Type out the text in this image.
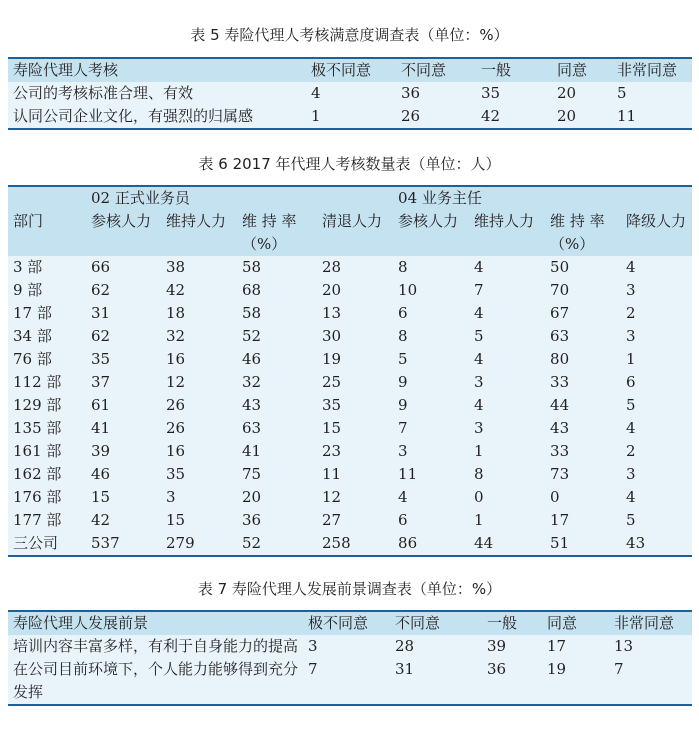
表 5 寿险代理人考核满意度调查表（单位：%）
寿险代理人考核	极不同意	不同意	一般	同意	非常同意
公司的考核标准合理、有效	4	36	35	20	5
认同公司企业文化，有强烈的归属感	1	26	42	20	11
表 6 2017 年代理人考核数量表（单位：人）
	02 正式业务员				04 业务主任			
部门	参核人力	维持人力	维 持 率	清退人力	参核人力	维持人力	维 持 率	降级人力
			（%）				（%）	
3 部	66	38	58	28	8	4	50	4
9 部	62	42	68	20	10	7	70	3
17 部	31	18	58	13	6	4	67	2
34 部	62	32	52	30	8	5	63	3
76 部	35	16	46	19	5	4	80	1
112 部	37	12	32	25	9	3	33	6
129 部	61	26	43	35	9	4	44	5
135 部	41	26	63	15	7	3	43	4
161 部	39	16	41	23	3	1	33	2
162 部	46	35	75	11	11	8	73	3
176 部	15	3	20	12	4	0	0	4
177 部	42	15	36	27	6	1	17	5
三公司	537	279	52	258	86	44	51	43
表 7 寿险代理人发展前景调查表（单位：%）
寿险代理人发展前景	极不同意	不同意	一般	同意	非常同意
培训内容丰富多样，有利于自身能力的提高	3	28	39	17	13
在公司目前环境下，个人能力能够得到充分发挥	7	31	36	19	7
